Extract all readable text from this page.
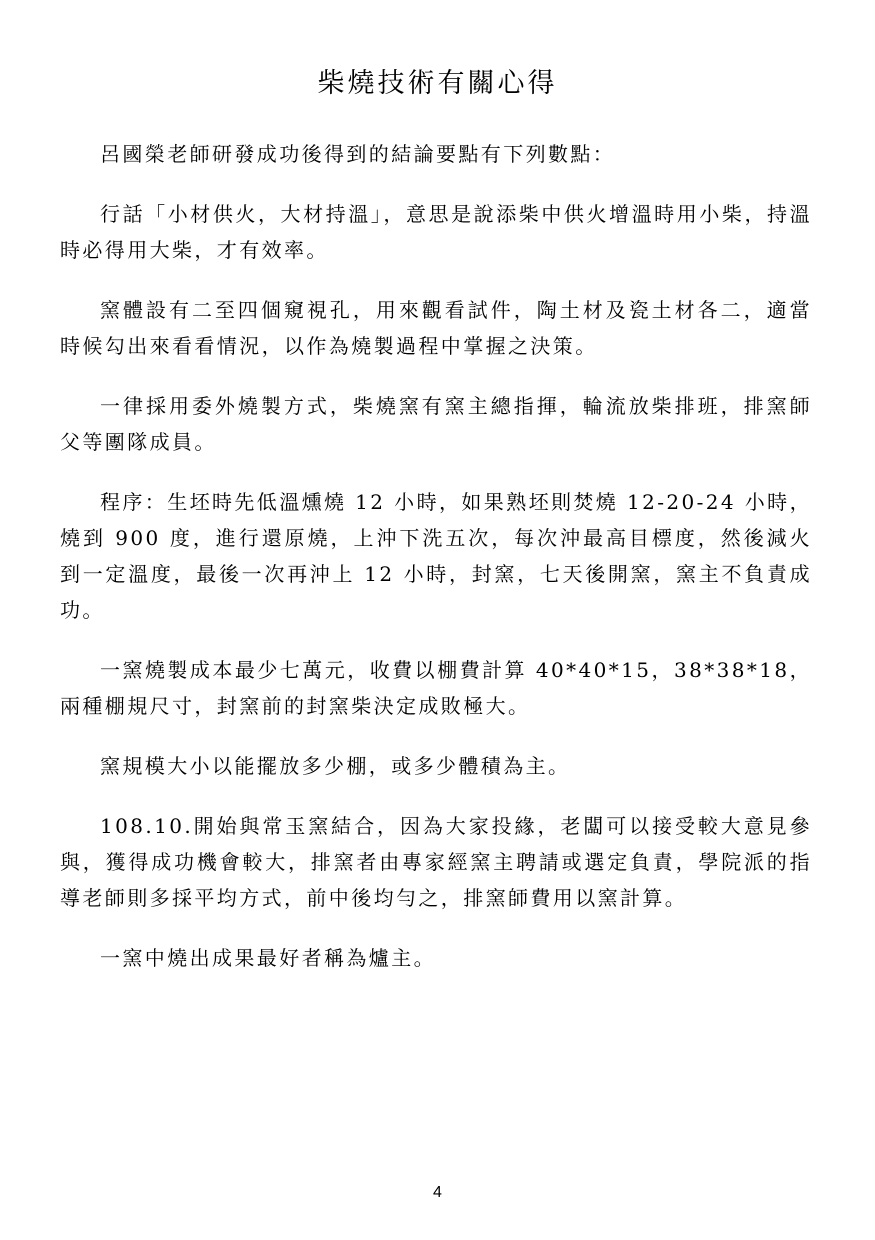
柴燒技術有關心得

呂國榮老師研發成功後得到的結論要點有下列數點：

行話「小材供火，大材持溫」，意思是說添柴中供火增溫時用小柴，持溫時必得用大柴，才有效率。

窯體設有二至四個窺視孔，用來觀看試件，陶土材及瓷土材各二，適當時候勾出來看看情況，以作為燒製過程中掌握之決策。

一律採用委外燒製方式，柴燒窯有窯主總指揮，輪流放柴排班，排窯師父等團隊成員。

程序：生坯時先低溫燻燒 12 小時，如果熟坯則焚燒 12-20-24 小時，燒到 900 度，進行還原燒，上沖下洗五次，每次沖最高目標度，然後減火到一定溫度，最後一次再沖上 12 小時，封窯，七天後開窯，窯主不負責成功。

一窯燒製成本最少七萬元，收費以棚費計算 40*40*15，38*38*18，兩種棚規尺寸，封窯前的封窯柴決定成敗極大。

窯規模大小以能擺放多少棚，或多少體積為主。

108.10.開始與常玉窯結合，因為大家投緣，老闆可以接受較大意見參與，獲得成功機會較大，排窯者由專家經窯主聘請或選定負責，學院派的指導老師則多採平均方式，前中後均勻之，排窯師費用以窯計算。

一窯中燒出成果最好者稱為爐主。

4
